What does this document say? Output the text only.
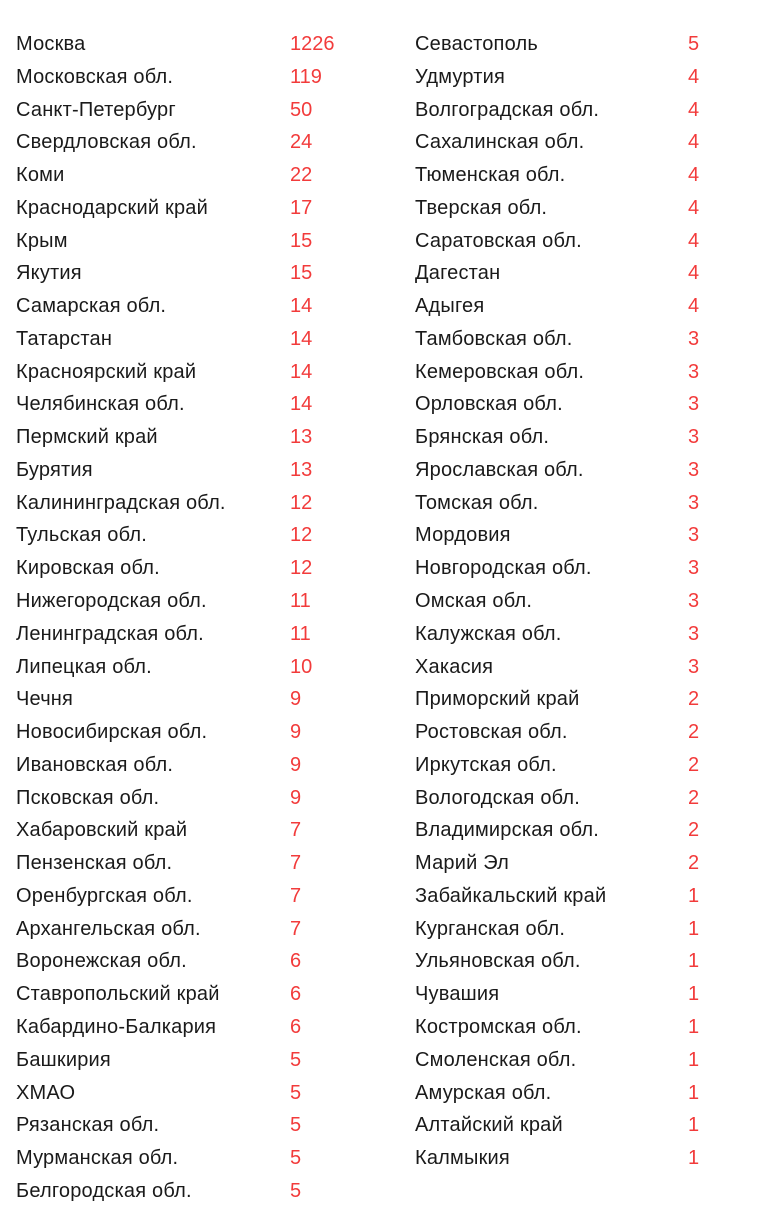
Москва	1226
Московская обл.	119
Санкт-Петербург	50
Свердловская обл.	24
Коми	22
Краснодарский край	17
Крым	15
Якутия	15
Самарская обл.	14
Татарстан	14
Красноярский край	14
Челябинская обл.	14
Пермский край	13
Бурятия	13
Калининградская обл.	12
Тульская обл.	12
Кировская обл.	12
Нижегородская обл.	11
Ленинградская обл.	11
Липецкая обл.	10
Чечня	9
Новосибирская обл.	9
Ивановская обл.	9
Псковская обл.	9
Хабаровский край	7
Пензенская обл.	7
Оренбургская обл.	7
Архангельская обл.	7
Воронежская обл.	6
Ставропольский край	6
Кабардино-Балкария	6
Башкирия	5
ХМАО	5
Рязанская обл.	5
Мурманская обл.	5
Белгородская обл.	5
Севастополь	5
Удмуртия	4
Волгоградская обл.	4
Сахалинская обл.	4
Тюменская обл.	4
Тверская обл.	4
Саратовская обл.	4
Дагестан	4
Адыгея	4
Тамбовская обл.	3
Кемеровская обл.	3
Орловская обл.	3
Брянская обл.	3
Ярославская обл.	3
Томская обл.	3
Мордовия	3
Новгородская обл.	3
Омская обл.	3
Калужская обл.	3
Хакасия	3
Приморский край	2
Ростовская обл.	2
Иркутская обл.	2
Вологодская обл.	2
Владимирская обл.	2
Марий Эл	2
Забайкальский край	1
Курганская обл.	1
Ульяновская обл.	1
Чувашия	1
Костромская обл.	1
Смоленская обл.	1
Амурская обл.	1
Алтайский край	1
Калмыкия	1
